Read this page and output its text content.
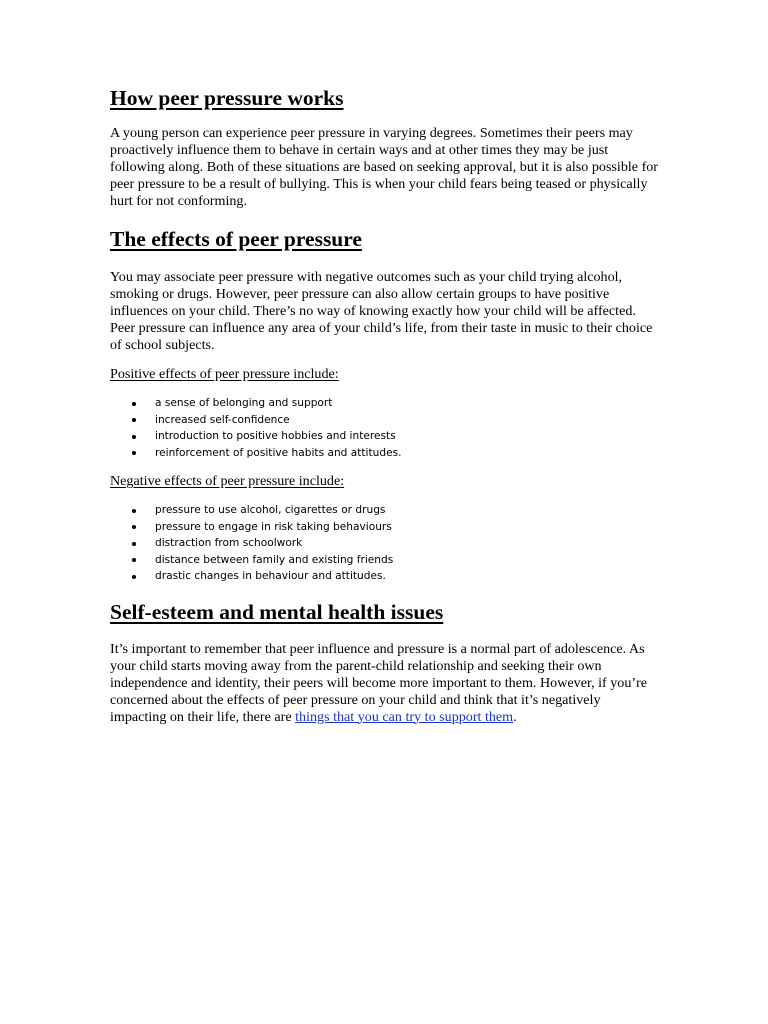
How peer pressure works

A young person can experience peer pressure in varying degrees. Sometimes their peers may proactively influence them to behave in certain ways and at other times they may be just following along. Both of these situations are based on seeking approval, but it is also possible for peer pressure to be a result of bullying. This is when your child fears being teased or physically hurt for not conforming.

The effects of peer pressure

You may associate peer pressure with negative outcomes such as your child trying alcohol, smoking or drugs. However, peer pressure can also allow certain groups to have positive influences on your child. There’s no way of knowing exactly how your child will be affected. Peer pressure can influence any area of your child’s life, from their taste in music to their choice of school subjects.

Positive effects of peer pressure include:

a sense of belonging and support
increased self-confidence
introduction to positive hobbies and interests
reinforcement of positive habits and attitudes.

Negative effects of peer pressure include:

pressure to use alcohol, cigarettes or drugs
pressure to engage in risk taking behaviours
distraction from schoolwork
distance between family and existing friends
drastic changes in behaviour and attitudes.
Self-esteem and mental health issues

It’s important to remember that peer influence and pressure is a normal part of adolescence. As your child starts moving away from the parent-child relationship and seeking their own independence and identity, their peers will become more important to them. However, if you’re concerned about the effects of peer pressure on your child and think that it’s negatively impacting on their life, there are things that you can try to support them.
